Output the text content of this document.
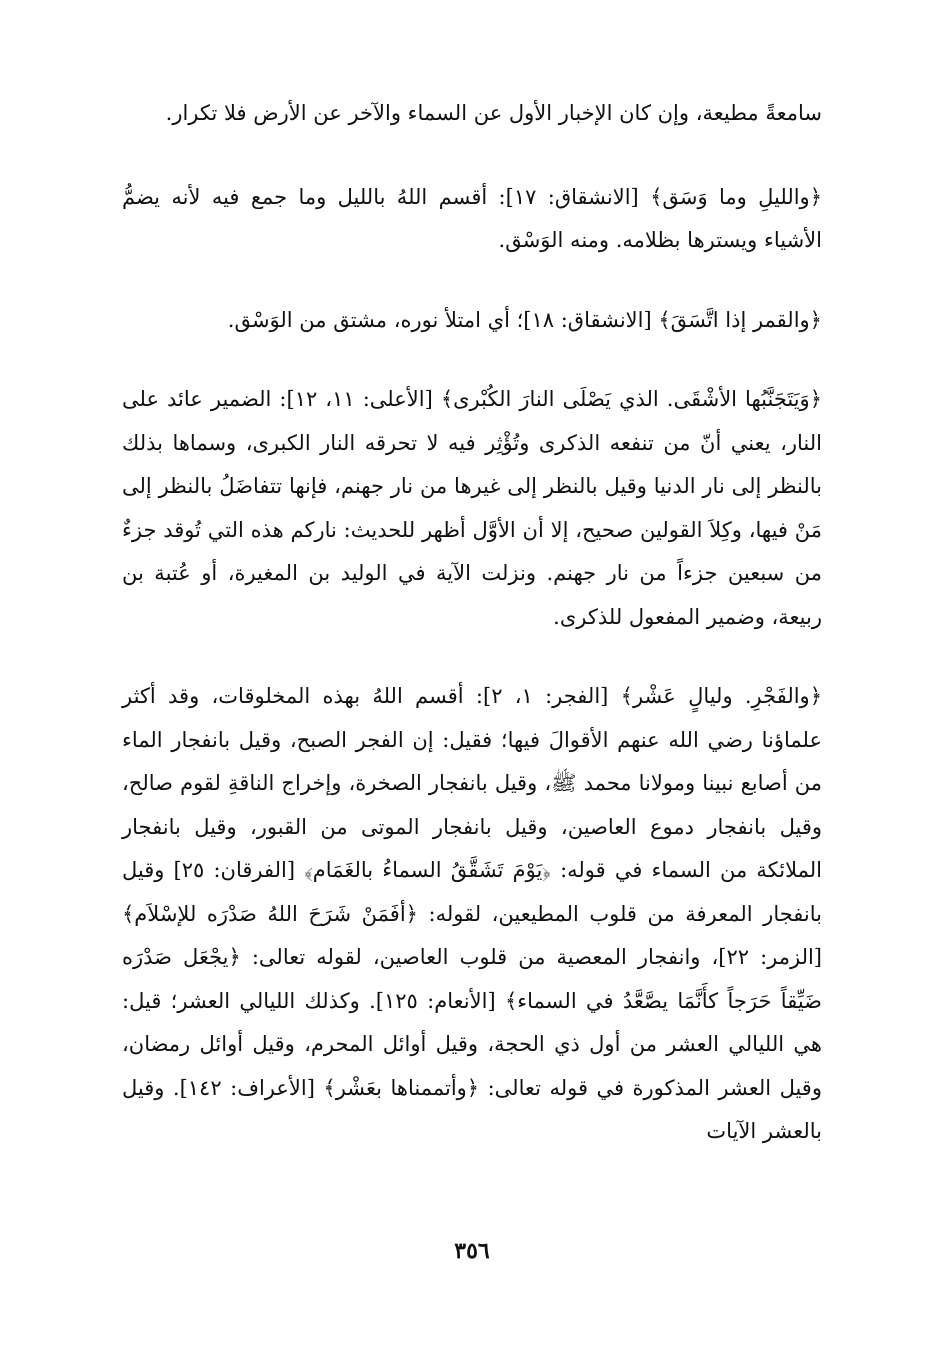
سامعةً مطيعة، وإن كان الإخبار الأول عن السماء والآخر عن الأرض فلا تكرار.

﴿والليلِ وما وَسَق﴾ [الانشقاق: ١٧]: أقسم اللهُ بالليل وما جمع فيه لأنه يضمُّ الأشياء ويسترها بظلامه. ومنه الوَسْق.

﴿والقمر إذا اتَّسَقَ﴾ [الانشقاق: ١٨]؛ أي امتلأ نوره، مشتق من الوَسْق.

﴿وَيَتَجَنَّبُها الأشْقَى. الذي يَصْلَى النارَ الكُبْرى﴾ [الأعلى: ١١، ١٢]: الضمير عائد على النار، يعني أنّ من تنفعه الذكرى وتُؤْثِر فيه لا تحرقه النار الكبرى، وسماها بذلك بالنظر إلى نار الدنيا وقيل بالنظر إلى غيرها من نار جهنم، فإنها تتفاضَلُ بالنظر إلى مَنْ فيها، وكِلاَ القولين صحيح، إلا أن الأوَّل أظهر للحديث: ناركم هذه التي تُوقد جزءٌ من سبعين جزءاً من نار جهنم. ونزلت الآية في الوليد بن المغيرة، أو عُتبة بن ربيعة، وضمير المفعول للذكرى.

﴿والفَجْرِ. وليالٍ عَشْر﴾ [الفجر: ١، ٢]: أقسم اللهُ بهذه المخلوقات، وقد أكثر علماؤنا رضي الله عنهم الأقوالَ فيها؛ فقيل: إن الفجر الصبح، وقيل بانفجار الماء من أصابع نبينا ومولانا محمد ﷺ، وقيل بانفجار الصخرة، وإخراج الناقةِ لقوم صالح، وقيل بانفجار دموع العاصين، وقيل بانفجار الموتى من القبور، وقيل بانفجار الملائكة من السماء في قوله: ﴿يَوْمَ تَشَقَّقُ السماءُ بالغَمَام﴾ [الفرقان: ٢٥] وقيل بانفجار المعرفة من قلوب المطيعين، لقوله: ﴿أفَمَنْ شَرَحَ اللهُ صَدْرَه للإسْلاَم﴾ [الزمر: ٢٢]، وانفجار المعصية من قلوب العاصين، لقوله تعالى: ﴿يجْعَل صَدْرَه ضَيِّقاً حَرَجاً كأَنَّمَا يصَّعَّدُ في السماء﴾ [الأنعام: ١٢٥]. وكذلك الليالي العشر؛ قيل: هي الليالي العشر من أول ذي الحجة، وقيل أوائل المحرم، وقيل أوائل رمضان، وقيل العشر المذكورة في قوله تعالى: ﴿وأتممناها بعَشْر﴾ [الأعراف: ١٤٢]. وقيل بالعشر الآيات

٣٥٦
